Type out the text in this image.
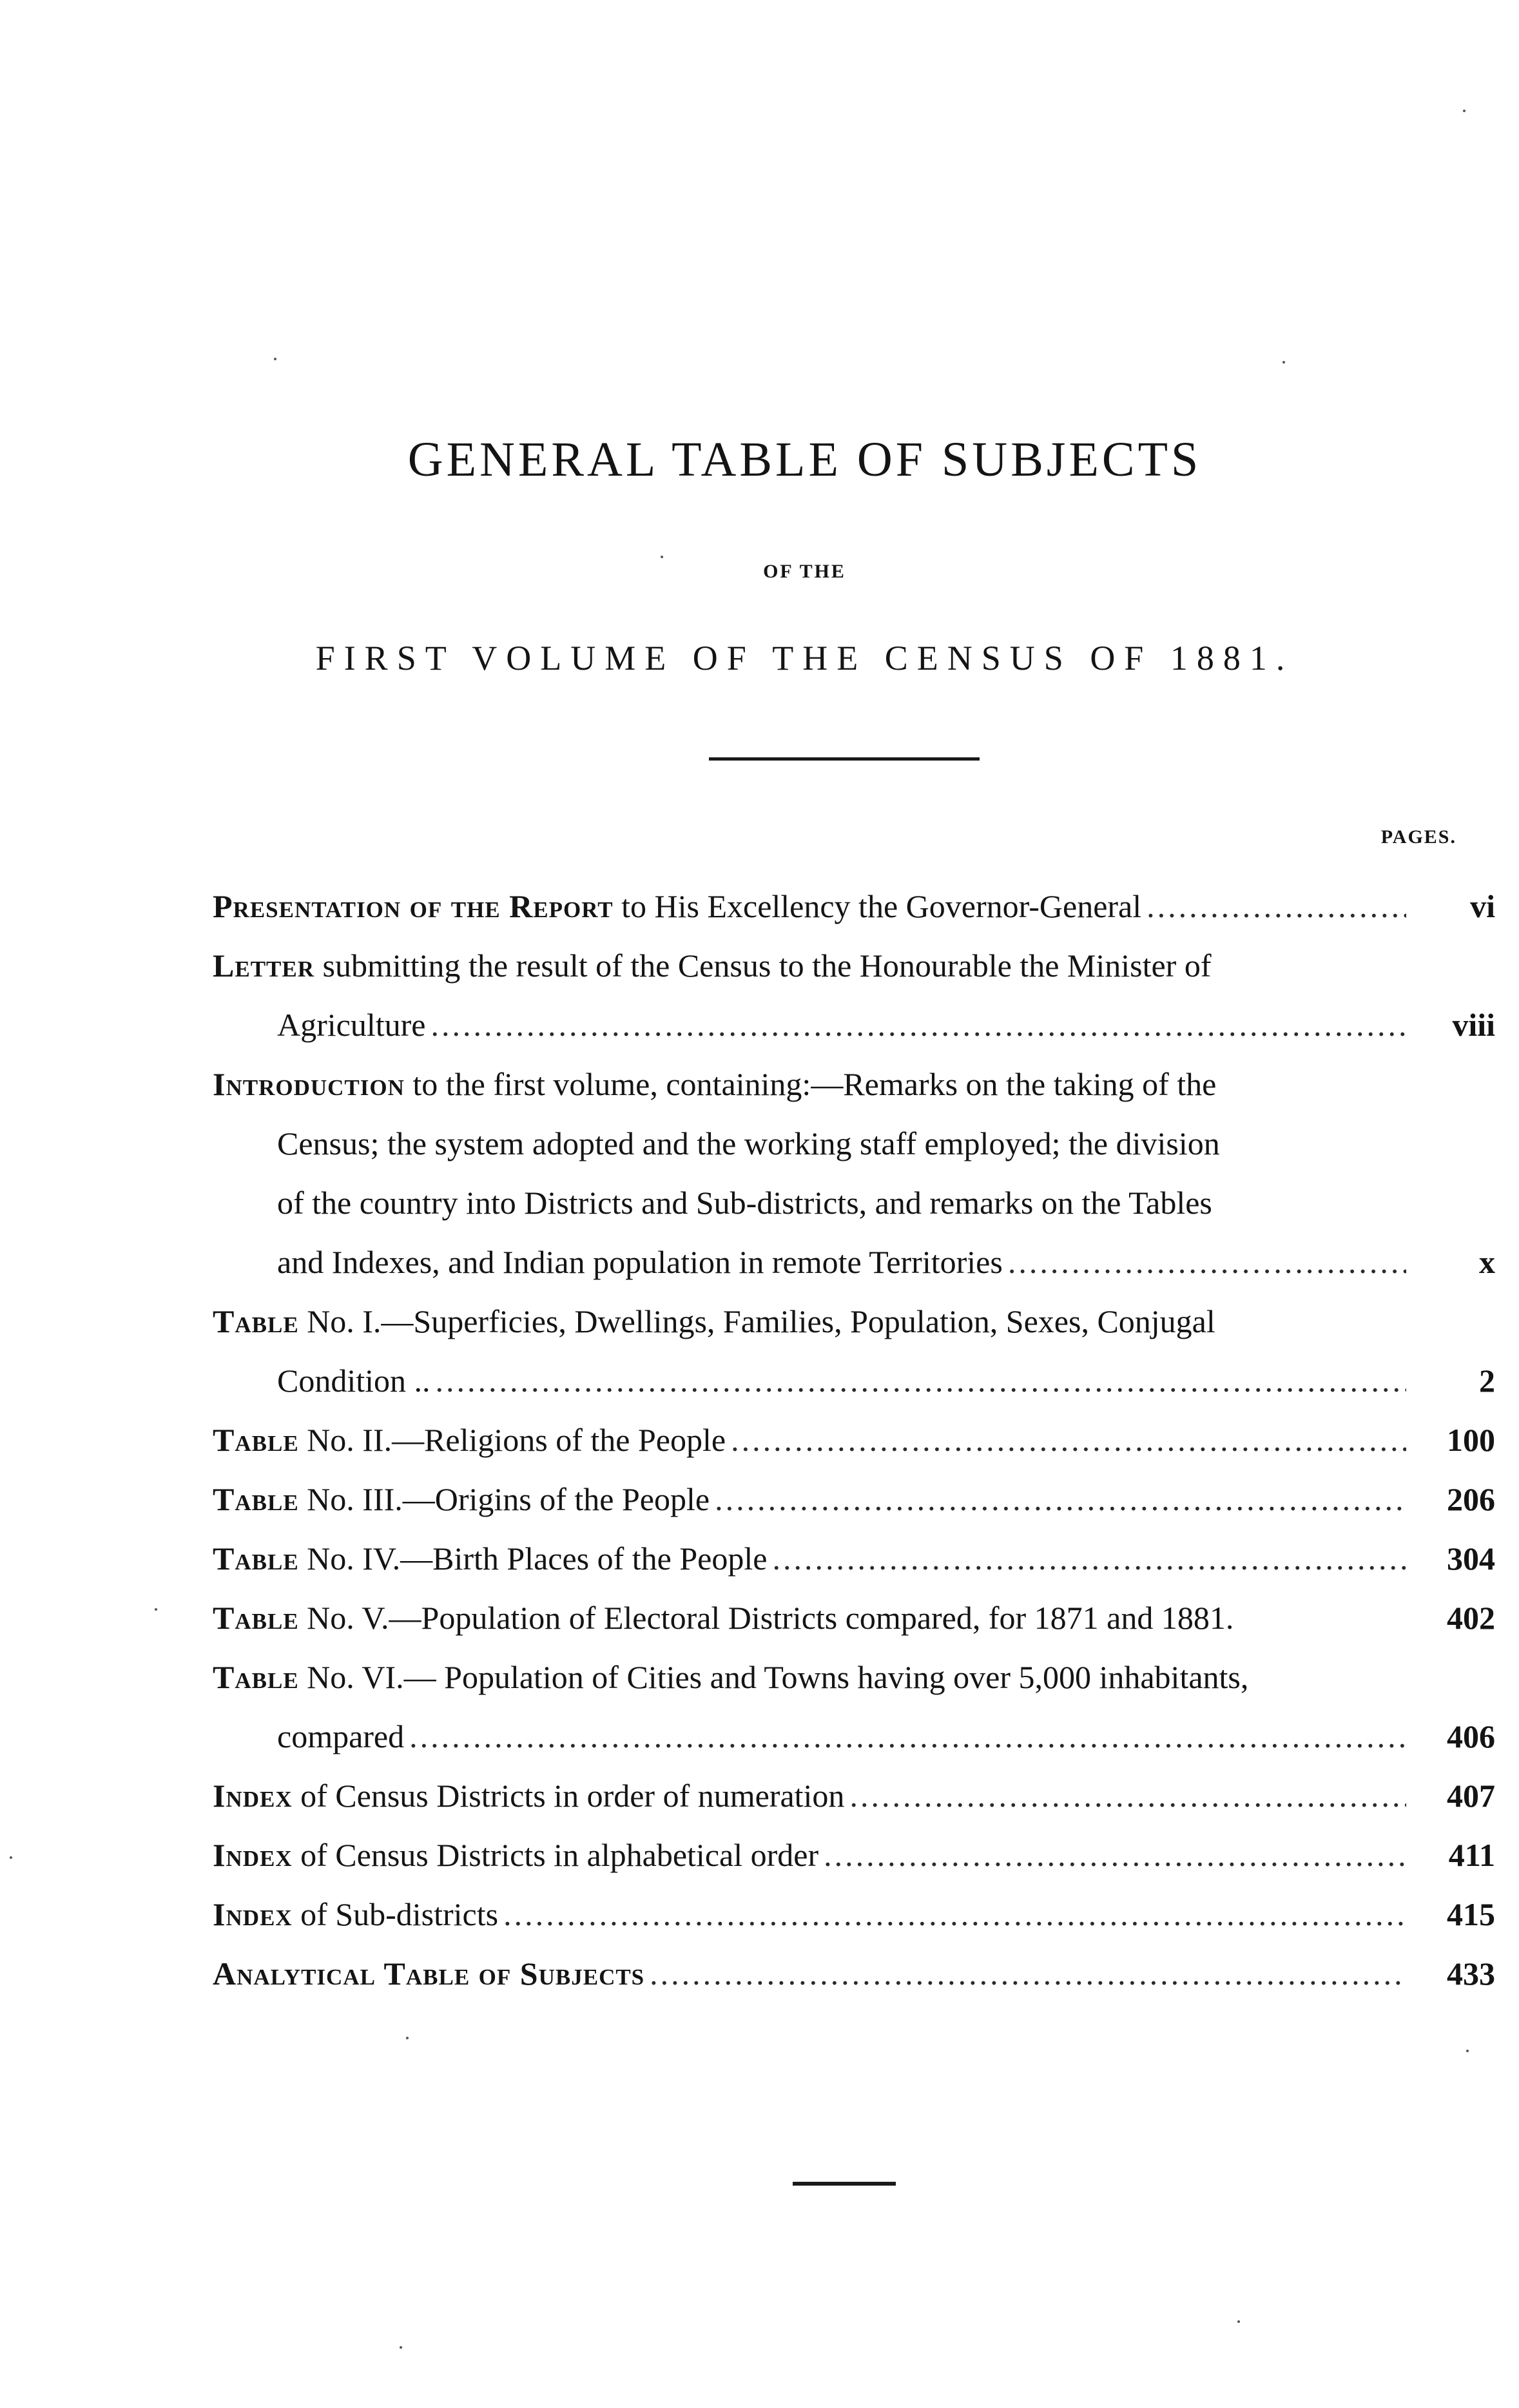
GENERAL TABLE OF SUBJECTS
OF THE
FIRST VOLUME OF THE CENSUS OF 1881.
PAGES.
Presentation of the Report to His Excellency the Governor-General .....	vi
Letter submitting the result of the Census to the Honourable the Minister of
Agriculture .....	viii
Introduction to the first volume, containing:—Remarks on the taking of the
Census; the system adopted and the working staff employed; the division
of the country into Districts and Sub-districts, and remarks on the Tables
and Indexes, and Indian population in remote Territories .....	x
Table No. I.—Superficies, Dwellings, Families, Population, Sexes, Conjugal
Condition .. .....	2
Table No. II.—Religions of the People .....	100
Table No. III.—Origins of the People .....	206
Table No. IV.—Birth Places of the People .....	304
Table No. V.—Population of Electoral Districts compared, for 1871 and 1881.	402
Table No. VI.— Population of Cities and Towns having over 5,000 inhabitants,
compared .....	406
Index of Census Districts in order of numeration .....	407
Index of Census Districts in alphabetical order .....	411
Index of Sub-districts .....	415
Analytical Table of Subjects .....	433
